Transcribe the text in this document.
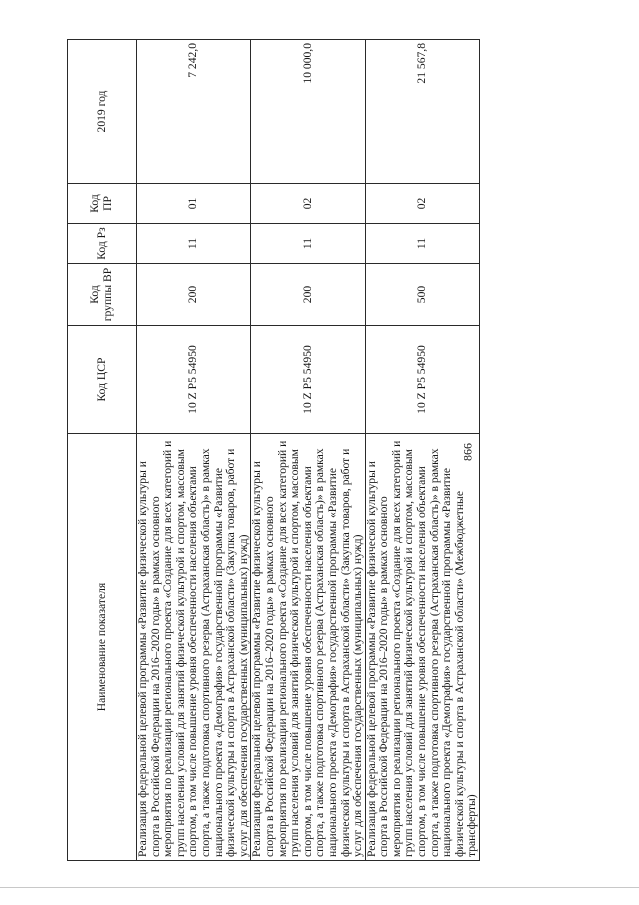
866
Наименование показателя	Код ЦСР	Код группы ВР	Код Рз	Код ПР	2019 год
Реализация федеральной целевой программы «Развитие физической культуры и спорта в Российской Федерации на 2016–2020 годы» в рамках основного мероприятия по реализации регионального проекта «Создание для всех категорий и групп населения условий для занятий физической культурой и спортом, массовым спортом, в том числе повышение уровня обеспеченности населения объектами спорта, а также подготовка спортивного резерва (Астраханская область)» в рамках национального проекта «Демография» государственной программы «Развитие физической культуры и спорта в Астраханской области» (Закупка товаров, работ и услуг для обеспечения государственных (муниципальных) нужд)	10 Z P5 54950	200	11	01	7 242,0
Реализация федеральной целевой программы «Развитие физической культуры и спорта в Российской Федерации на 2016–2020 годы» в рамках основного мероприятия по реализации регионального проекта «Создание для всех категорий и групп населения условий для занятий физической культурой и спортом, массовым спортом, в том числе повышение уровня обеспеченности населения объектами спорта, а также подготовка спортивного резерва (Астраханская область)» в рамках национального проекта «Демография» государственной программы «Развитие физической культуры и спорта в Астраханской области» (Закупка товаров, работ и услуг для обеспечения государственных (муниципальных) нужд)	10 Z P5 54950	200	11	02	10 000,0
Реализация федеральной целевой программы «Развитие физической культуры и спорта в Российской Федерации на 2016–2020 годы» в рамках основного мероприятия по реализации регионального проекта «Создание для всех категорий и групп населения условий для занятий физической культурой и спортом, массовым спортом, в том числе повышение уровня обеспеченности населения объектами спорта, а также подготовка спортивного резерва (Астраханская область)» в рамках национального проекта «Демография» государственной программы «Развитие физической культуры и спорта в Астраханской области» (Межбюджетные трансферты)	10 Z P5 54950	500	11	02	21 567,8
